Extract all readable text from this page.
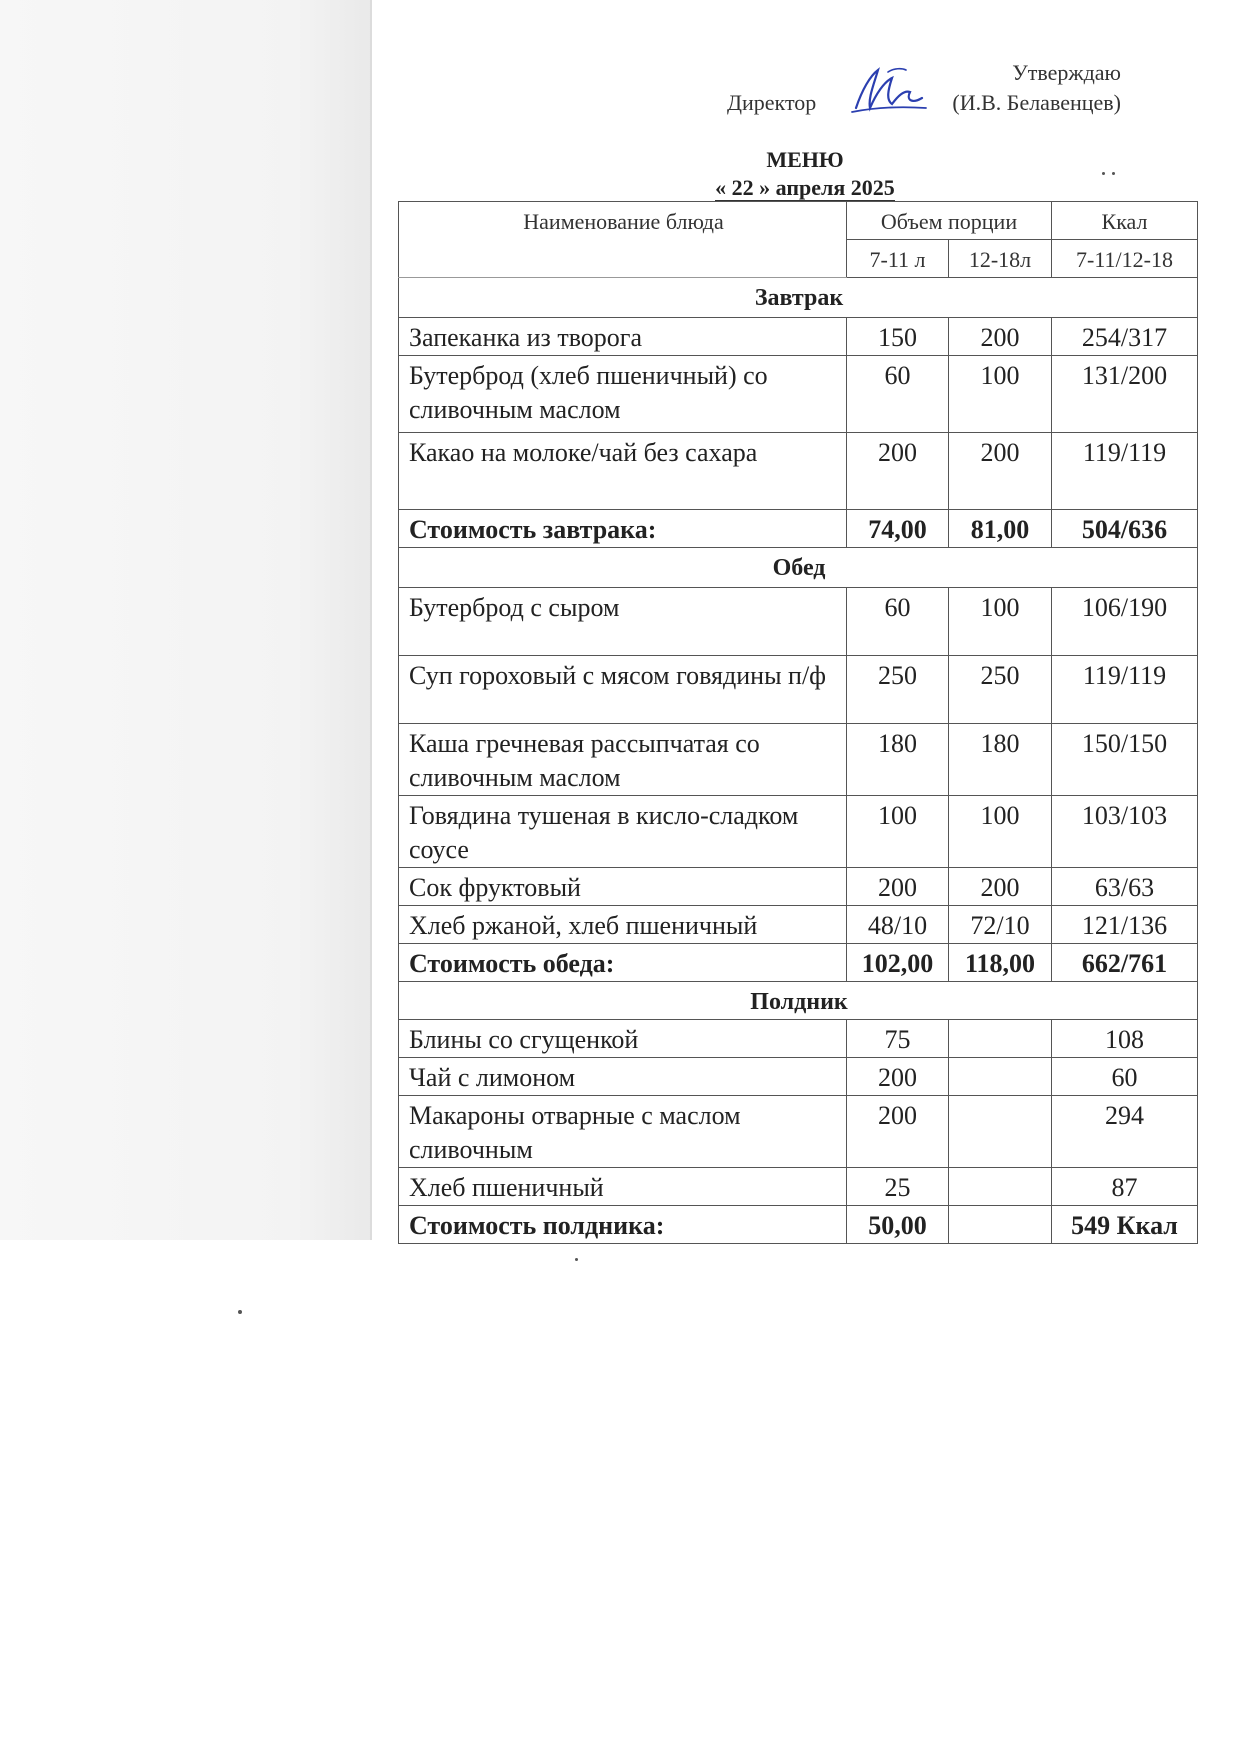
Утверждаю
Директор	(И.В. Белавенцев)
МЕНЮ
« 22 » апреля 2025
Наименование блюда	Объем порции		Ккал
	7-11 л	12-18л	7-11/12-18
Завтрак			
Запеканка из творога	150	200	254/317
Бутерброд (хлеб пшеничный) со сливочным маслом	60	100	131/200
Какао на молоке/чай без сахара	200	200	119/119
Стоимость завтрака:	74,00	81,00	504/636
Обед			
Бутерброд с сыром	60	100	106/190
Суп гороховый с мясом говядины п/ф	250	250	119/119
Каша гречневая рассыпчатая со сливочным маслом	180	180	150/150
Говядина тушеная в кисло-сладком соусе	100	100	103/103
Сок фруктовый	200	200	63/63
Хлеб ржаной, хлеб пшеничный	48/10	72/10	121/136
Стоимость обеда:	102,00	118,00	662/761
Полдник			
Блины со сгущенкой	75		108
Чай с лимоном	200		60
Макароны отварные с маслом сливочным	200		294
Хлеб пшеничный	25		87
Стоимость полдника:	50,00		549 Ккал
